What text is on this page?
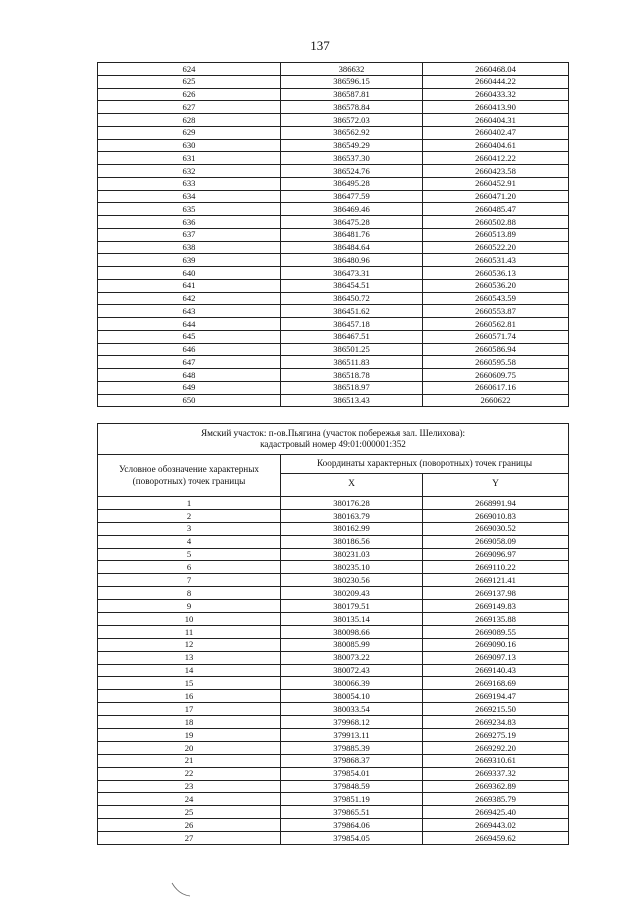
137
624	386632	2660468.04
625	386596.15	2660444.22
626	386587.81	2660433.32
627	386578.84	2660413.90
628	386572.03	2660404.31
629	386562.92	2660402.47
630	386549.29	2660404.61
631	386537.30	2660412.22
632	386524.76	2660423.58
633	386495.28	2660452.91
634	386477.59	2660471.20
635	386469.46	2660485.47
636	386475.28	2660502.88
637	386481.76	2660513.89
638	386484.64	2660522.20
639	386480.96	2660531.43
640	386473.31	2660536.13
641	386454.51	2660536.20
642	386450.72	2660543.59
643	386451.62	2660553.87
644	386457.18	2660562.81
645	386467.51	2660571.74
646	386501.25	2660586.94
647	386511.83	2660595.58
648	386518.78	2660609.75
649	386518.97	2660617.16
650	386513.43	2660622
Ямский участок: п-ов.Пьягина (участок побережья зал. Шелихова):
кадастровый номер 49:01:000001:352		
Условное обозначение характерных (поворотных) точек границы	Координаты характерных (поворотных) точек границы	
	X	Y
1	380176.28	2668991.94
2	380163.79	2669010.83
3	380162.99	2669030.52
4	380186.56	2669058.09
5	380231.03	2669096.97
6	380235.10	2669110.22
7	380230.56	2669121.41
8	380209.43	2669137.98
9	380179.51	2669149.83
10	380135.14	2669135.88
11	380098.66	2669089.55
12	380085.99	2669090.16
13	380073.22	2669097.13
14	380072.43	2669140.43
15	380066.39	2669168.69
16	380054.10	2669194.47
17	380033.54	2669215.50
18	379968.12	2669234.83
19	379913.11	2669275.19
20	379885.39	2669292.20
21	379868.37	2669310.61
22	379854.01	2669337.32
23	379848.59	2669362.89
24	379851.19	2669385.79
25	379865.51	2669425.40
26	379864.06	2669443.02
27	379854.05	2669459.62
